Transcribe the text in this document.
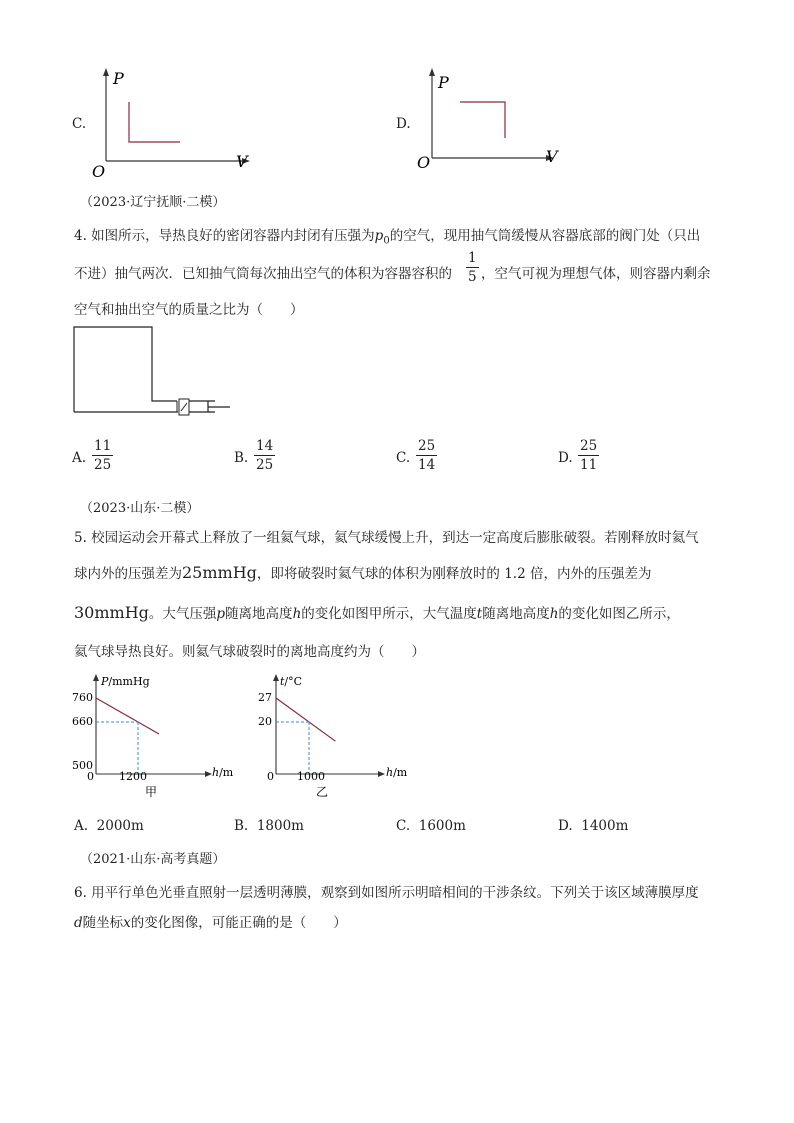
C.
P
V
O
D.
P
V
O
（2023·辽宁抚顺·二模）
4. 如图所示，导热良好的密闭容器内封闭有压强为$p_0$的空气，现用抽气筒缓慢从容器底部的阀门处（只出
不进）抽气两次．已知抽气筒每次抽出空气的体积为容器容积的 $\frac{1}{5}$ ，空气可视为理想气体，则容器内剩余
空气和抽出空气的质量之比为（　　）
A. $\frac{11}{25}$	B. $\frac{14}{25}$	C. $\frac{25}{14}$	D. $\frac{25}{11}$
（2023·山东·二模）
5. 校园运动会开幕式上释放了一组氦气球，氦气球缓慢上升，到达一定高度后膨胀破裂。若刚释放时氦气
球内外的压强差为25mmHg，即将破裂时氦气球的体积为刚释放时的 1.2 倍，内外的压强差为
30mmHg。大气压强p随离地高度h的变化如图甲所示，大气温度t随离地高度h的变化如图乙所示，
氦气球导热良好。则氦气球破裂时的离地高度约为（　　）
P/mmHg
h/m
760
660
500
0 1200
甲
t/°C
h/m
27
20
0 1000
乙
A. 2000m	B. 1800m	C. 1600m	D. 1400m
（2021·山东·高考真题）
6. 用平行单色光垂直照射一层透明薄膜，观察到如图所示明暗相间的干涉条纹。下列关于该区域薄膜厚度
d随坐标x的变化图像，可能正确的是（　　）
